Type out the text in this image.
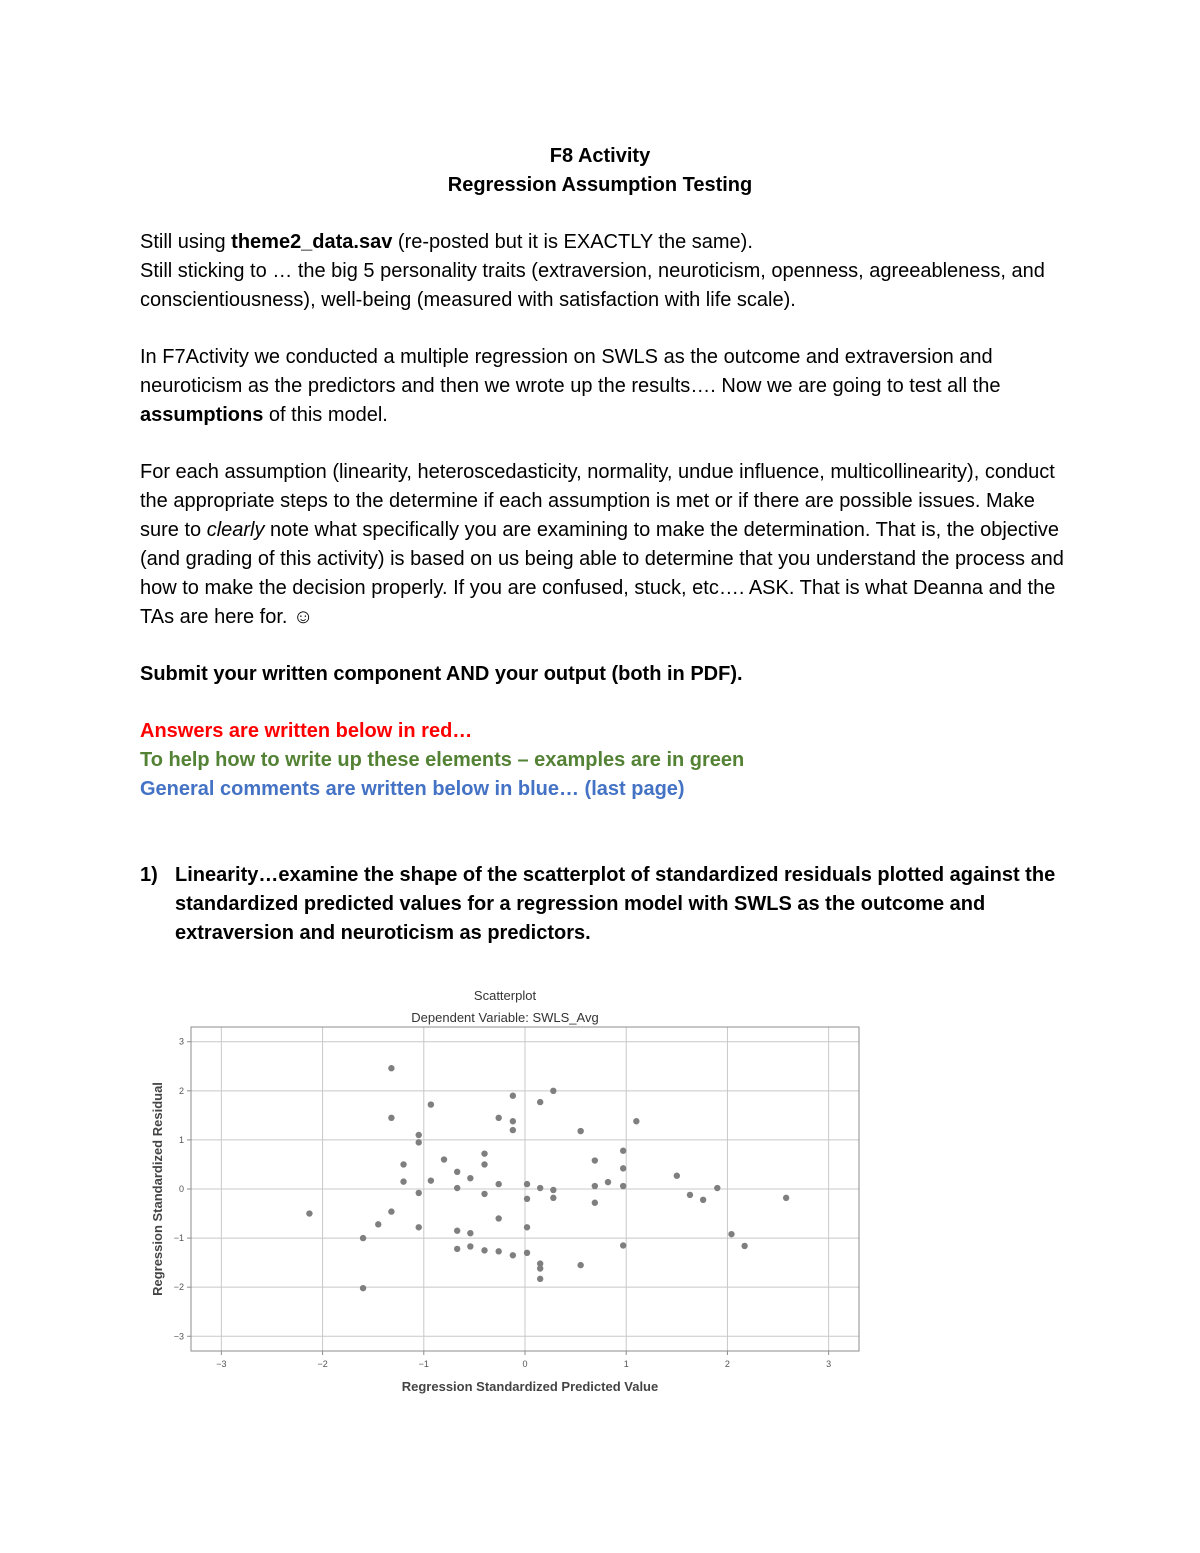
F8 Activity
Regression Assumption Testing

Still using theme2_data.sav (re-posted but it is EXACTLY the same).

Still sticking to … the big 5 personality traits (extraversion, neuroticism, openness, agreeableness, and conscientiousness), well-being (measured with satisfaction with life scale).

In F7Activity we conducted a multiple regression on SWLS as the outcome and extraversion and neuroticism as the predictors and then we wrote up the results…. Now we are going to test all the assumptions of this model.

For each assumption (linearity, heteroscedasticity, normality, undue influence, multicollinearity), conduct the appropriate steps to the determine if each assumption is met or if there are possible issues. Make sure to clearly note what specifically you are examining to make the determination. That is, the objective (and grading of this activity) is based on us being able to determine that you understand the process and how to make the decision properly. If you are confused, stuck, etc…. ASK. That is what Deanna and the TAs are here for. ☺

Submit your written component AND your output (both in PDF).

Answers are written below in red…

To help how to write up these elements – examples are in green

General comments are written below in blue… (last page)

1) Linearity…examine the shape of the scatterplot of standardized residuals plotted against the standardized predicted values for a regression model with SWLS as the outcome and extraversion and neuroticism as predictors.
Scatterplot
Dependent Variable: SWLS_Avg
−3	−2	−1	0	1	2	3
−3
−2
−1
0
1
2
3
Regression Standardized Predicted Value
Regression Standardized Residual
